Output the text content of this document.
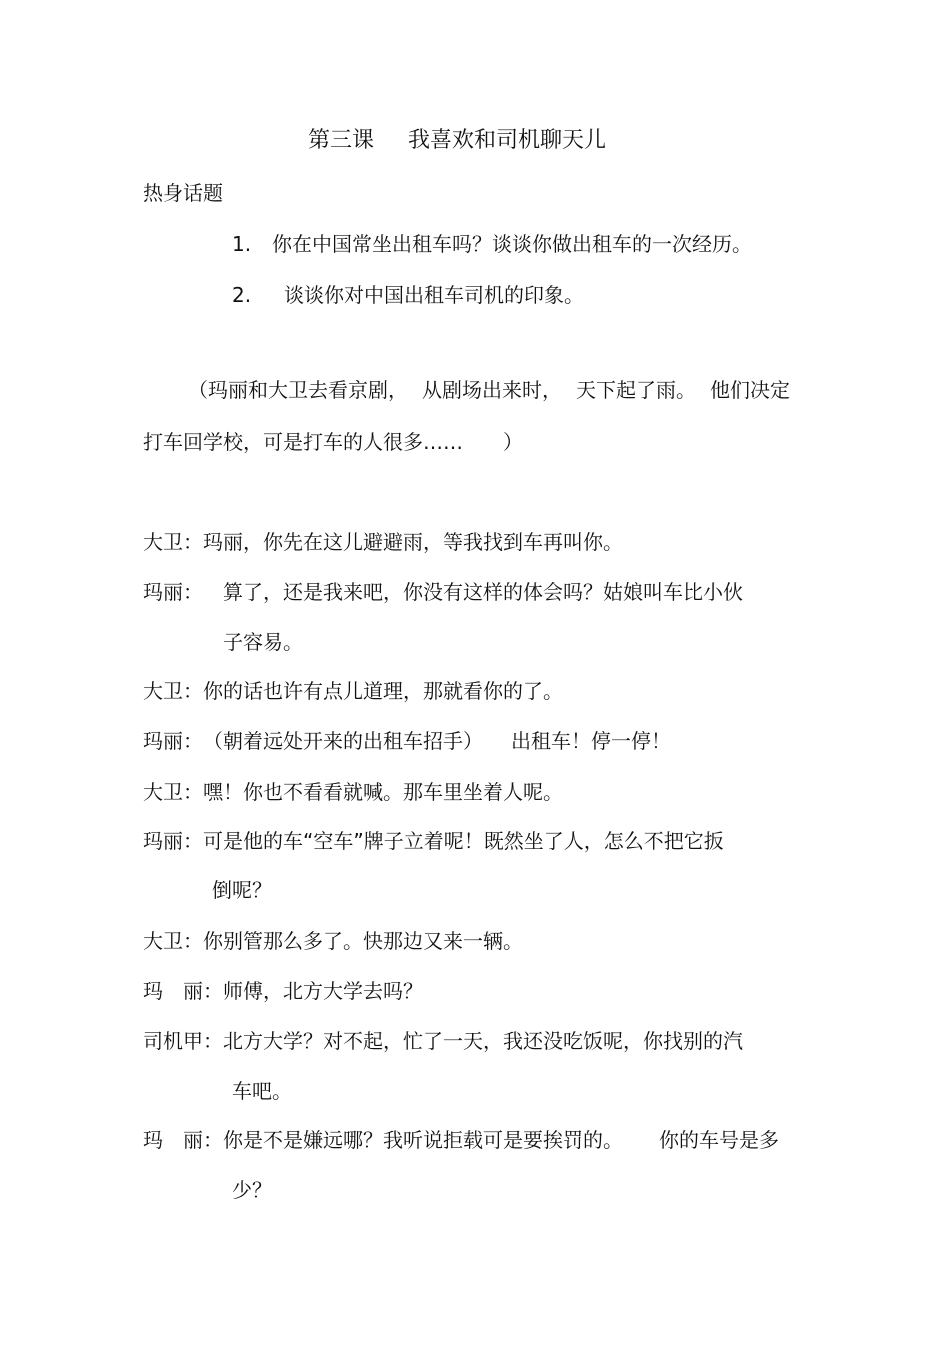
第三课 我喜欢和司机聊天儿
热身话题
1. 你在中国常坐出租车吗？谈谈你做出租车的一次经历。
2. 谈谈你对中国出租车司机的印象。
（玛丽和大卫去看京剧， 从剧场出来时， 天下起了雨。 他们决定
打车回学校，可是打车的人很多…… ）
大卫：玛丽，你先在这儿避避雨，等我找到车再叫你。
玛丽： 算了，还是我来吧，你没有这样的体会吗？姑娘叫车比小伙
子容易。
大卫：你的话也许有点儿道理，那就看你的了。
玛丽：（朝着远处开来的出租车招手） 出租车！停一停！
大卫：嘿！你也不看看就喊。那车里坐着人呢。
玛丽：可是他的车“空车”牌子立着呢！既然坐了人，怎么不把它扳
倒呢？
大卫：你别管那么多了。快那边又来一辆。
玛　丽：师傅，北方大学去吗？
司机甲：北方大学？对不起，忙了一天，我还没吃饭呢，你找别的汽
车吧。
玛　丽：你是不是嫌远哪？我听说拒载可是要挨罚的。 你的车号是多
少？
